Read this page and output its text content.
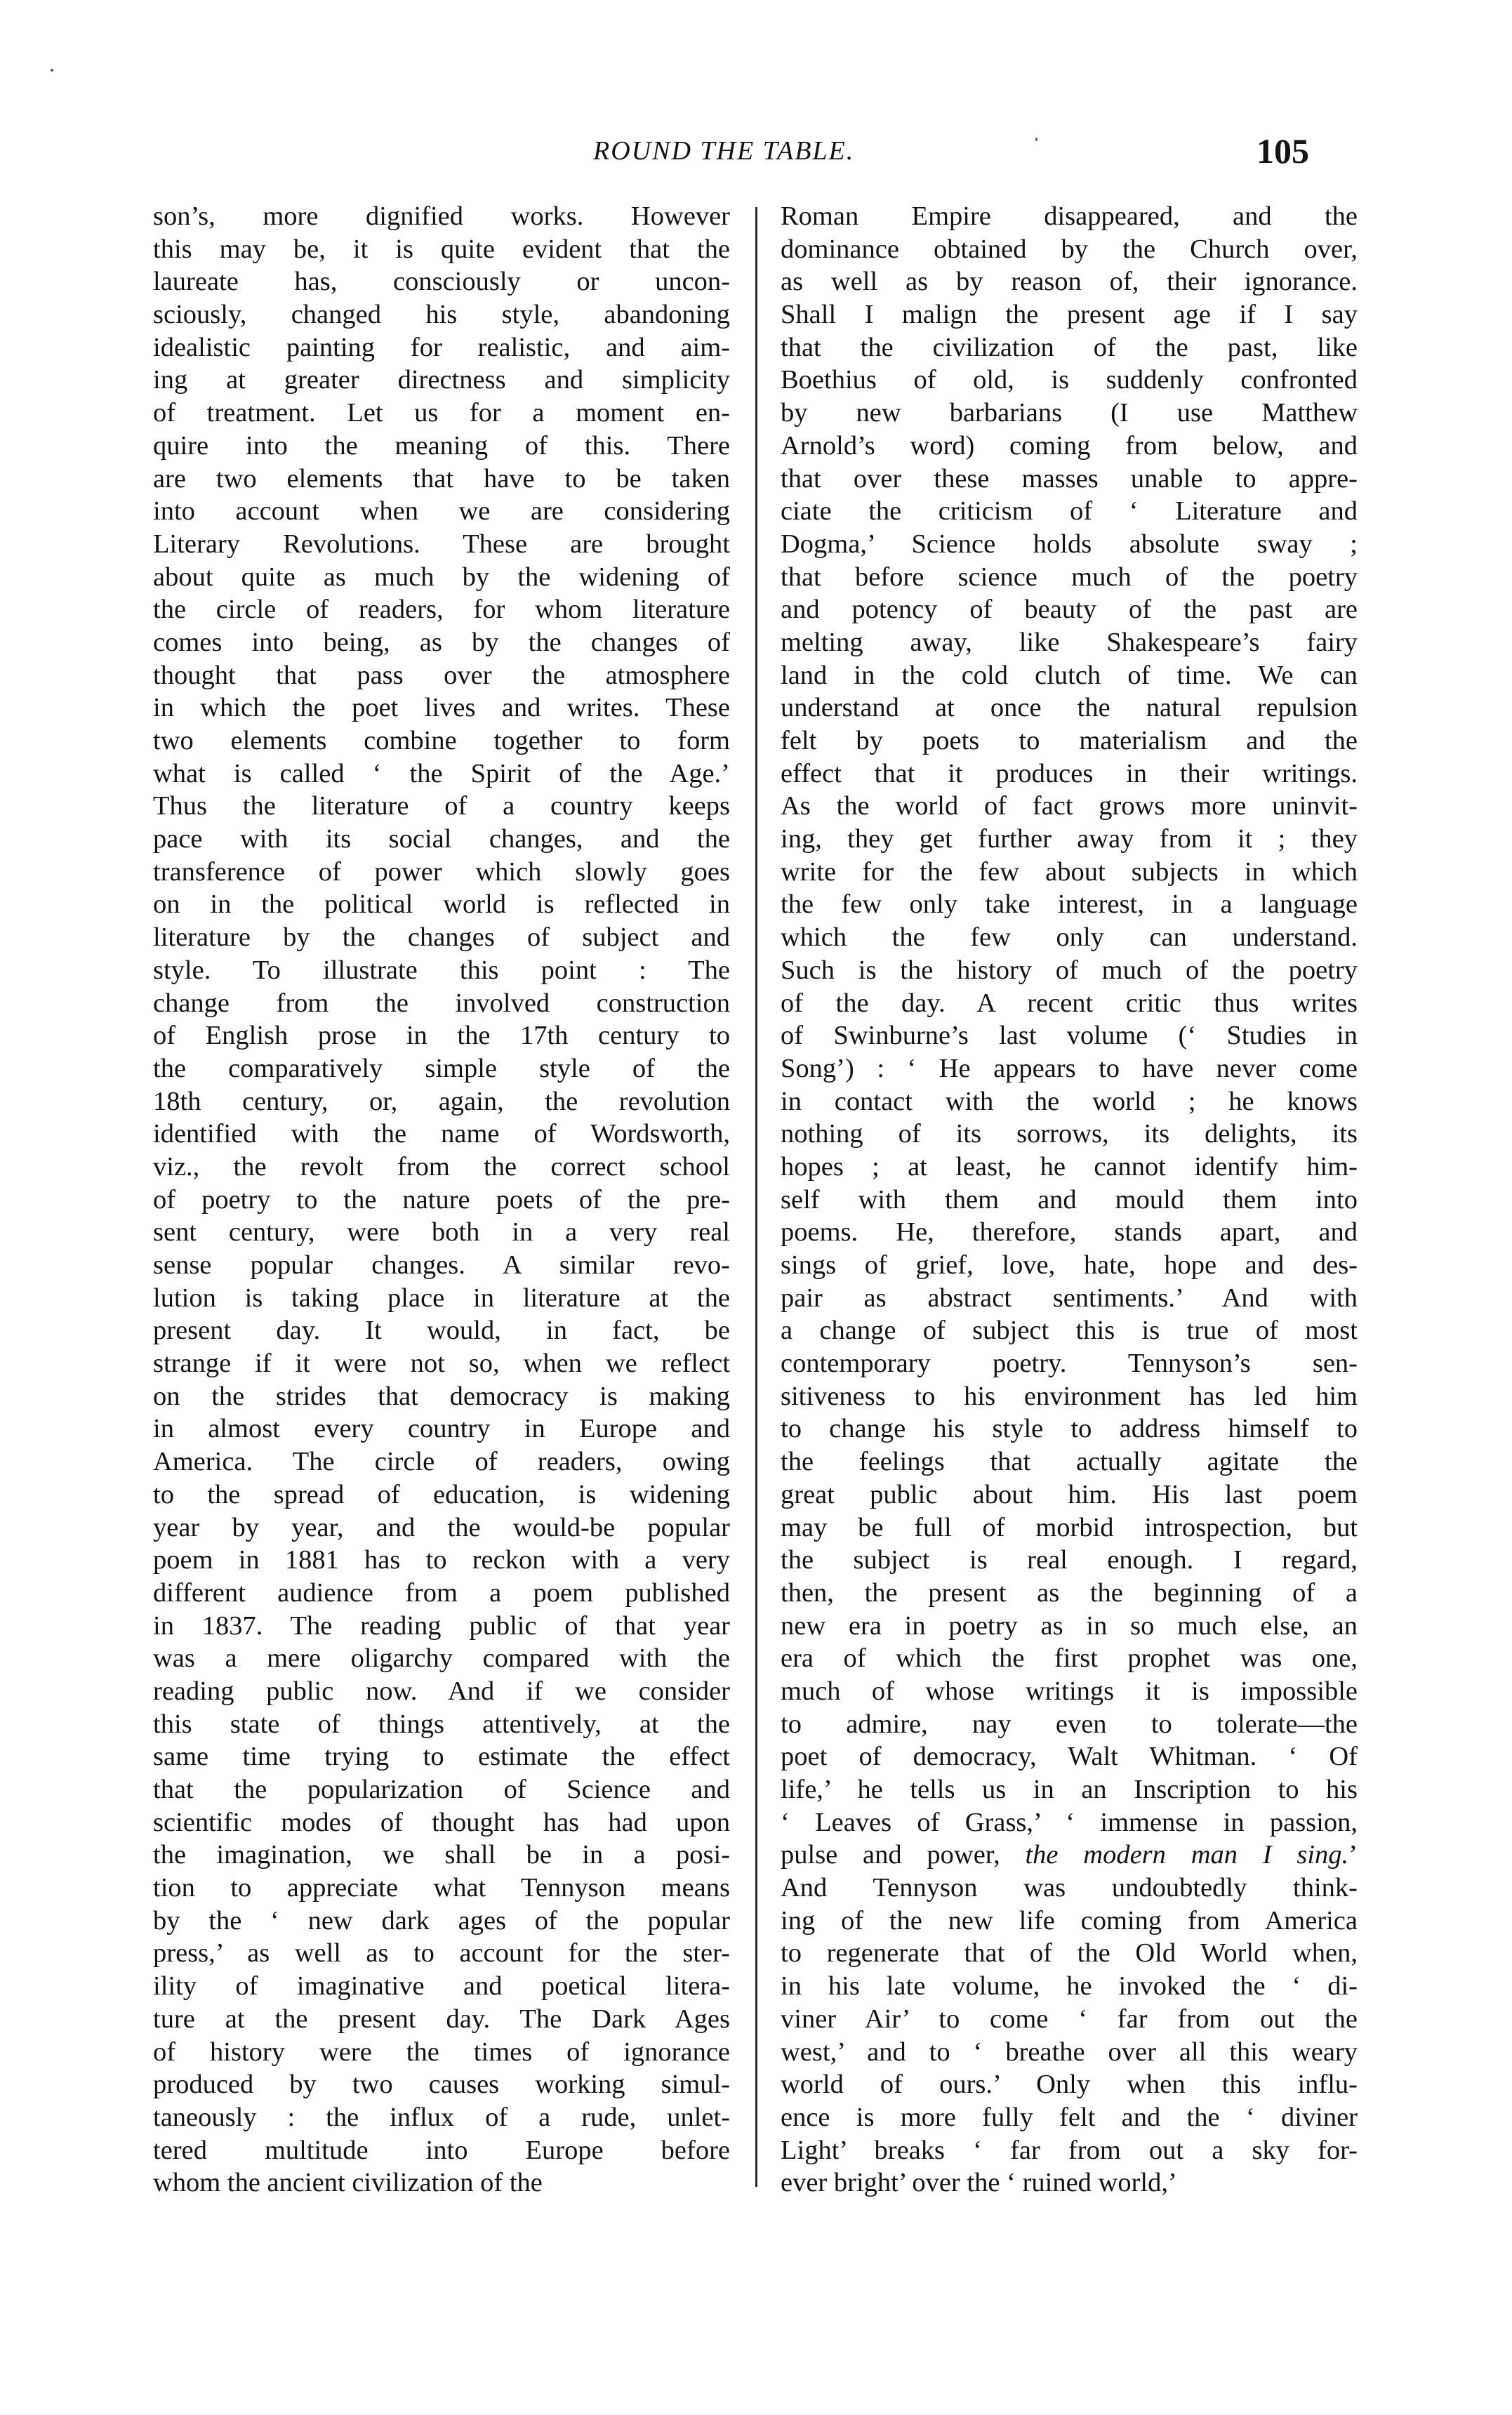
ROUND THE TABLE.	105
son’s, more dignified works. However
this may be, it is quite evident that the
laureate has, consciously or uncon-
sciously, changed his style, abandoning
idealistic painting for realistic, and aim-
ing at greater directness and simplicity
of treatment. Let us for a moment en-
quire into the meaning of this. There
are two elements that have to be taken
into account when we are considering
Literary Revolutions. These are brought
about quite as much by the widening of
the circle of readers, for whom literature
comes into being, as by the changes of
thought that pass over the atmosphere
in which the poet lives and writes. These
two elements combine together to form
what is called ‘ the Spirit of the Age.’
Thus the literature of a country keeps
pace with its social changes, and the
transference of power which slowly goes
on in the political world is reflected in
literature by the changes of subject and
style. To illustrate this point : The
change from the involved construction
of English prose in the 17th century to
the comparatively simple style of the
18th century, or, again, the revolution
identified with the name of Wordsworth,
viz., the revolt from the correct school
of poetry to the nature poets of the pre-
sent century, were both in a very real
sense popular changes. A similar revo-
lution is taking place in literature at the
present day. It would, in fact, be
strange if it were not so, when we reflect
on the strides that democracy is making
in almost every country in Europe and
America. The circle of readers, owing
to the spread of education, is widening
year by year, and the would-be popular
poem in 1881 has to reckon with a very
different audience from a poem published
in 1837. The reading public of that year
was a mere oligarchy compared with the
reading public now. And if we consider
this state of things attentively, at the
same time trying to estimate the effect
that the popularization of Science and
scientific modes of thought has had upon
the imagination, we shall be in a posi-
tion to appreciate what Tennyson means
by the ‘ new dark ages of the popular
press,’ as well as to account for the ster-
ility of imaginative and poetical litera-
ture at the present day. The Dark Ages
of history were the times of ignorance
produced by two causes working simul-
taneously : the influx of a rude, unlet-
tered multitude into Europe before
whom the ancient civilization of the
Roman Empire disappeared, and the
dominance obtained by the Church over,
as well as by reason of, their ignorance.
Shall I malign the present age if I say
that the civilization of the past, like
Boethius of old, is suddenly confronted
by new barbarians (I use Matthew
Arnold’s word) coming from below, and
that over these masses unable to appre-
ciate the criticism of ‘ Literature and
Dogma,’ Science holds absolute sway ;
that before science much of the poetry
and potency of beauty of the past are
melting away, like Shakespeare’s fairy
land in the cold clutch of time. We can
understand at once the natural repulsion
felt by poets to materialism and the
effect that it produces in their writings.
As the world of fact grows more uninvit-
ing, they get further away from it ; they
write for the few about subjects in which
the few only take interest, in a language
which the few only can understand.
Such is the history of much of the poetry
of the day. A recent critic thus writes
of Swinburne’s last volume (‘ Studies in
Song’) : ‘ He appears to have never come
in contact with the world ; he knows
nothing of its sorrows, its delights, its
hopes ; at least, he cannot identify him-
self with them and mould them into
poems. He, therefore, stands apart, and
sings of grief, love, hate, hope and des-
pair as abstract sentiments.’ And with
a change of subject this is true of most
contemporary poetry. Tennyson’s sen-
sitiveness to his environment has led him
to change his style to address himself to
the feelings that actually agitate the
great public about him. His last poem
may be full of morbid introspection, but
the subject is real enough. I regard,
then, the present as the beginning of a
new era in poetry as in so much else, an
era of which the first prophet was one,
much of whose writings it is impossible
to admire, nay even to tolerate—the
poet of democracy, Walt Whitman. ‘ Of
life,’ he tells us in an Inscription to his
‘ Leaves of Grass,’ ‘ immense in passion,
pulse and power, the modern man I sing.’
And Tennyson was undoubtedly think-
ing of the new life coming from America
to regenerate that of the Old World when,
in his late volume, he invoked the ‘ di-
viner Air’ to come ‘ far from out the
west,’ and to ‘ breathe over all this weary
world of ours.’ Only when this influ-
ence is more fully felt and the ‘ diviner
Light’ breaks ‘ far from out a sky for-
ever bright’ over the ‘ ruined world,’
